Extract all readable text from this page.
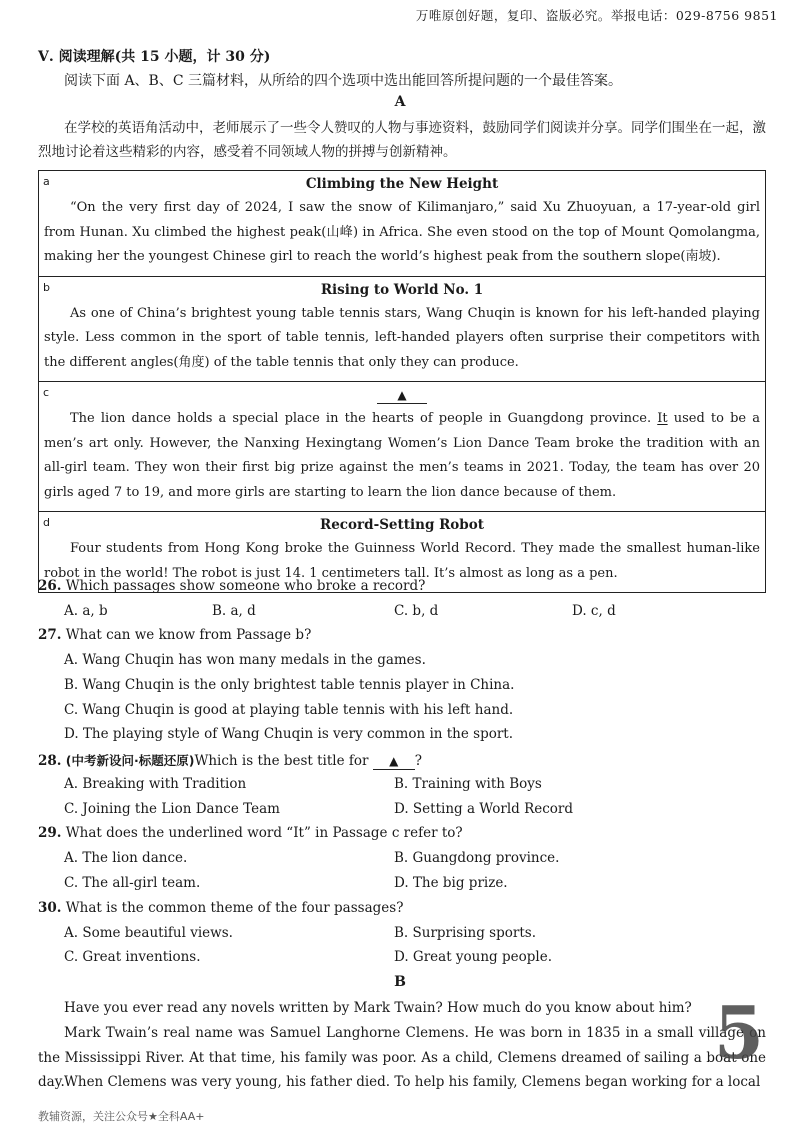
万唯原创好题，复印、盗版必究。举报电话：029-8756 9851
Ⅴ. 阅读理解(共 15 小题，计 30 分)
阅读下面 A、B、C 三篇材料，从所给的四个选项中选出能回答所提问题的一个最佳答案。
A
在学校的英语角活动中，老师展示了一些令人赞叹的人物与事迹资料，鼓励同学们阅读并分享。同学们围坐在一起，激烈地讨论着这些精彩的内容，感受着不同领域人物的拼搏与创新精神。
a	Climbing the New Height
“On the very first day of 2024, I saw the snow of Kilimanjaro,” said Xu Zhuoyuan, a 17-year-old girl from Hunan. Xu climbed the highest peak(山峰) in Africa. She even stood on the top of Mount Qomolangma, making her the youngest Chinese girl to reach the world’s highest peak from the southern slope(南坡).
b	Rising to World No. 1
As one of China’s brightest young table tennis stars, Wang Chuqin is known for his left-handed playing style. Less common in the sport of table tennis, left-handed players often surprise their competitors with the different angles(角度) of the table tennis that only they can produce.
c	▲
The lion dance holds a special place in the hearts of people in Guangdong province. It used to be a men’s art only. However, the Nanxing Hexingtang Women’s Lion Dance Team broke the tradition with an all-girl team. They won their first big prize against the men’s teams in 2021. Today, the team has over 20 girls aged 7 to 19, and more girls are starting to learn the lion dance because of them.
d	Record-Setting Robot
Four students from Hong Kong broke the Guinness World Record. They made the smallest human-like robot in the world! The robot is just 14. 1 centimeters tall. It’s almost as long as a pen.
26. Which passages show someone who broke a record?
A. a, b	B. a, d	C. b, d	D. c, d
27. What can we know from Passage b?
A. Wang Chuqin has won many medals in the games.
B. Wang Chuqin is the only brightest table tennis player in China.
C. Wang Chuqin is good at playing table tennis with his left hand.
D. The playing style of Wang Chuqin is very common in the sport.
28. (中考新设问·标题还原)Which is the best title for ▲ ?
A. Breaking with Tradition	B. Training with Boys
C. Joining the Lion Dance Team	D. Setting a World Record
29. What does the underlined word “It” in Passage c refer to?
A. The lion dance.	B. Guangdong province.
C. The all-girl team.	D. The big prize.
30. What is the common theme of the four passages?
A. Some beautiful views.	B. Surprising sports.
C. Great inventions.	D. Great young people.
B
Have you ever read any novels written by Mark Twain? How much do you know about him?
Mark Twain’s real name was Samuel Langhorne Clemens. He was born in 1835 in a small village on the Mississippi River. At that time, his family was poor. As a child, Clemens dreamed of sailing a boat one day. When Clemens was very young, his father died. To help his family, Clemens began working for a local
5
教辅资源，关注公众号★全科AA+
